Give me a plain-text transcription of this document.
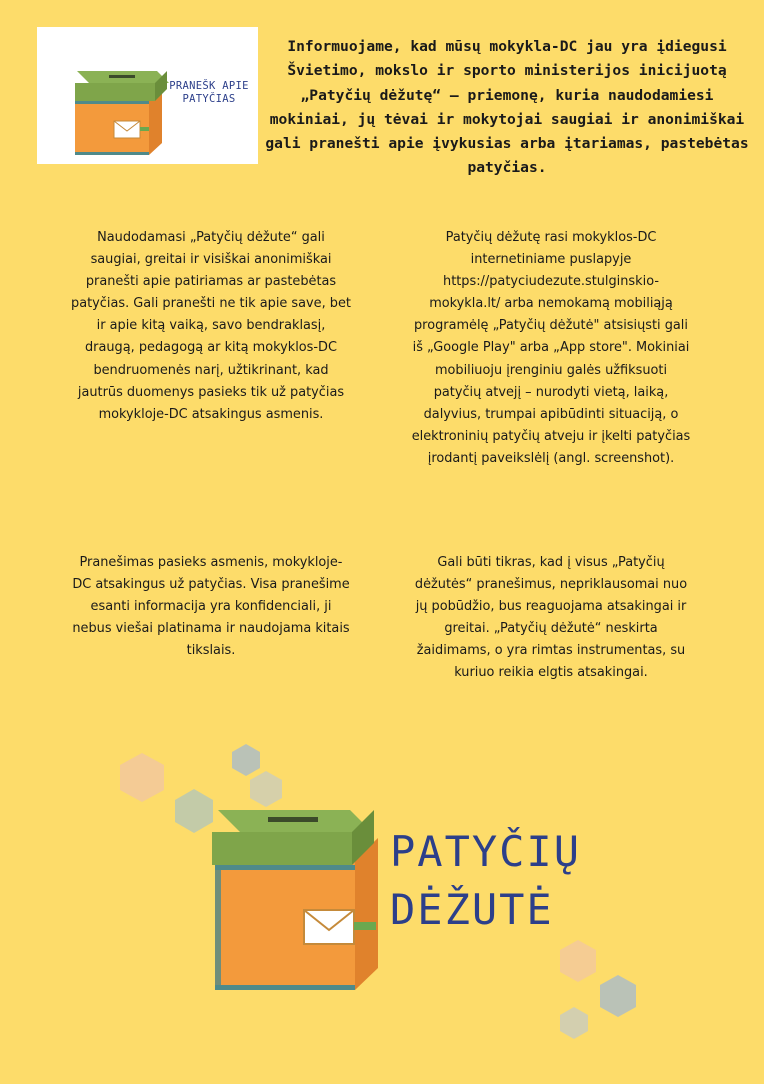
PRANEŠK APIE PATYČIAS
Informuojame, kad mūsų mokykla-DC jau yra įdiegusi Švietimo, mokslo ir sporto ministerijos inicijuotą „Patyčių dėžutę“ – priemonę, kuria naudodamiesi mokiniai, jų tėvai ir mokytojai saugiai ir anonimiškai gali pranešti apie įvykusias arba įtariamas, pastebėtas patyčias.
Naudodamasi „Patyčių dėžute“ gali saugiai, greitai ir visiškai anonimiškai pranešti apie patiriamas ar pastebėtas patyčias. Gali pranešti ne tik apie save, bet ir apie kitą vaiką, savo bendraklasį, draugą, pedagogą ar kitą mokyklos-DC bendruomenės narį, užtikrinant, kad jautrūs duomenys pasieks tik už patyčias mokykloje-DC atsakingus asmenis.
Patyčių dėžutę rasi mokyklos-DC internetiniame puslapyje https://patyciudezute.stulginskio-mokykla.lt/ arba nemokamą mobiliąją programėlę „Patyčių dėžutė" atsisiųsti gali iš „Google Play" arba „App store". Mokiniai mobiliuoju įrenginiu galės užfiksuoti patyčių atvejį – nurodyti vietą, laiką, dalyvius, trumpai apibūdinti situaciją, o elektroninių patyčių atveju ir įkelti patyčias įrodantį paveikslėlį (angl. screenshot).
Pranešimas pasieks asmenis, mokykloje-DC atsakingus už patyčias. Visa pranešime esanti informacija yra konfidenciali, ji nebus viešai platinama ir naudojama kitais tikslais.
Gali būti tikras, kad į visus „Patyčių dėžutės“ pranešimus, nepriklausomai nuo jų pobūdžio, bus reaguojama atsakingai ir greitai. „Patyčių dėžutė“ neskirta žaidimams, o yra rimtas instrumentas, su kuriuo reikia elgtis atsakingai.
PATYČIŲ
DĖŽUTĖ
